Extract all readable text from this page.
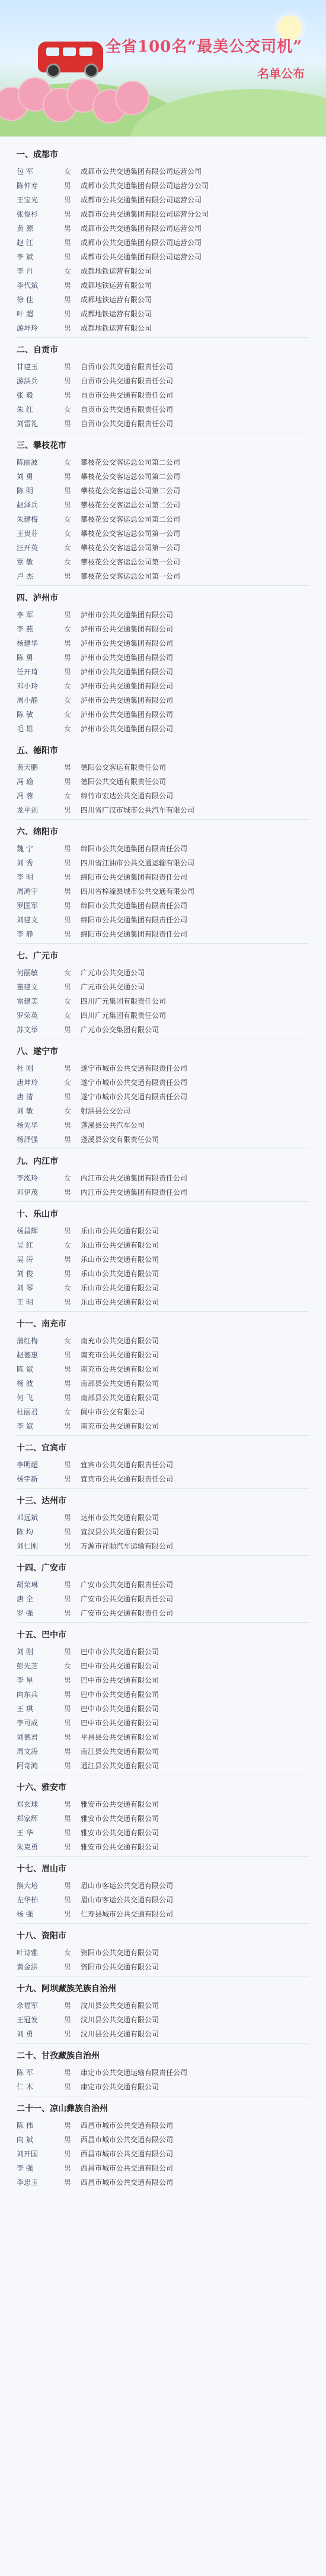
全省100名“最美公交司机”
名单公布
一、成都市
包 军	女	成都市公共交通集团有限公司运营公司
陈仲寿	男	成都市公共交通集团有限公司运营分公司
王宝光	男	成都市公共交通集团有限公司运营公司
张俊杉	男	成都市公共交通集团有限公司运营分公司
黄 源	男	成都市公共交通集团有限公司运营公司
赵 江	男	成都市公共交通集团有限公司运营公司
李 斌	男	成都市公共交通集团有限公司运营公司
李 丹	女	成都地铁运营有限公司
李代斌	男	成都地铁运营有限公司
徐 佳	男	成都地铁运营有限公司
叶 超	男	成都地铁运营有限公司
游坤玲	男	成都地铁运营有限公司
二、自贡市
甘建玉	男	自贡市公共交通有限责任公司
游洪兵	男	自贡市公共交通有限责任公司
张 毅	男	自贡市公共交通有限责任公司
朱 红	女	自贡市公共交通有限责任公司
刘雷礼	男	自贡市公共交通有限责任公司
三、攀枝花市
陈丽波	女	攀枝花公交客运总公司第二公司
刘 勇	男	攀枝花公交客运总公司第二公司
陈 明	男	攀枝花公交客运总公司第二公司
赵泽兵	男	攀枝花公交客运总公司第二公司
朱建梅	女	攀枝花公交客运总公司第二公司
王贵芬	女	攀枝花公交客运总公司第一公司
汪开英	女	攀枝花公交客运总公司第一公司
覃 敏	女	攀枝花公交客运总公司第一公司
卢 杰	男	攀枝花公交客运总公司第一公司
四、泸州市
李 军	男	泸州市公共交通集团有限公司
李 燕	女	泸州市公共交通集团有限公司
杨建华	男	泸州市公共交通集团有限公司
陈 勇	男	泸州市公共交通集团有限公司
任开琦	男	泸州市公共交通集团有限公司
邓小玲	女	泸州市公共交通集团有限公司
周小静	女	泸州市公共交通集团有限公司
陈 敏	女	泸州市公共交通集团有限公司
毛 雄	女	泸州市公共交通集团有限公司
五、德阳市
黄天鹏	男	德阳公交客运有限责任公司
冯 瑜	男	德阳公共交通有限责任公司
冯 蓉	女	绵竹市宏达公共交通有限公司
龙平剑	男	四川省广汉市城市公共汽车有限公司
六、绵阳市
魏 宁	男	绵阳市公共交通集团有限责任公司
刘 秀	男	四川省江油市公共交通运输有限公司
李 明	男	绵阳市公共交通集团有限责任公司
周鸿宇	男	四川省梓潼县城市公共交通有限公司
罗国军	男	绵阳市公共交通集团有限责任公司
刘建文	男	绵阳市公共交通集团有限责任公司
李 静	男	绵阳市公共交通集团有限责任公司
七、广元市
何丽敏	女	广元市公共交通公司
董建文	男	广元市公共交通公司
雷建美	女	四川广元集团有限责任公司
罗荣英	女	四川广元集团有限责任公司
苏文举	男	广元市公交集团有限公司
八、遂宁市
杜 刚	男	遂宁市城市公共交通有限责任公司
唐坤玲	女	遂宁市城市公共交通有限责任公司
唐 清	男	遂宁市城市公共交通有限责任公司
刘 敏	女	射洪县公交公司
杨先华	男	蓬溪县公共汽车公司
杨泽强	男	蓬溪县公交有限责任公司
九、内江市
李泓玲	女	内江市公共交通集团有限责任公司
邓伊茂	男	内江市公共交通集团有限责任公司
十、乐山市
杨昌辉	男	乐山市公共交通有限公司
吴 红	女	乐山市公共交通有限公司
吴 涛	男	乐山市公共交通有限公司
刘 俊	男	乐山市公共交通有限公司
刘 琴	女	乐山市公共交通有限公司
王 明	男	乐山市公共交通有限公司
十一、南充市
蒲红梅	女	南充市公共交通有限公司
赵德惠	男	南充市公共交通有限公司
陈 斌	男	南充市公共交通有限公司
杨 波	男	南部县公共交通有限公司
何 飞	男	南部县公共交通有限公司
杜丽君	女	阆中市公交有限公司
李 斌	男	南充市公共交通有限公司
十二、宜宾市
李明超	男	宜宾市公共交通有限责任公司
杨宇新	男	宜宾市公共交通有限责任公司
十三、达州市
邓远斌	男	达州市公共交通有限公司
陈 均	男	宣汉县公共交通有限公司
刘仁刚	男	万源市祥顺汽车运输有限公司
十四、广安市
胡荣琳	男	广安市公共交通有限责任公司
唐 全	男	广安市公共交通有限责任公司
罗 强	男	广安市公共交通有限责任公司
十五、巴中市
刘 刚	男	巴中市公共交通有限公司
彭先芝	女	巴中市公共交通有限公司
李 星	男	巴中市公共交通有限公司
向东兵	男	巴中市公共交通有限公司
王 琪	男	巴中市公共交通有限公司
李可成	男	巴中市公共交通有限公司
刘德君	男	平昌县公共交通有限公司
周文涛	男	南江县公共交通有限公司
阿奇鸿	男	通江县公共交通有限公司
十六、雅安市
郑玄球	男	雅安市公共交通有限公司
郑家辉	男	雅安市公共交通有限公司
王 华	男	雅安市公共交通有限公司
朱克勇	男	雅安市公共交通有限公司
十七、眉山市
熊大培	男	眉山市客运公共交通有限公司
左华柏	男	眉山市客运公共交通有限公司
杨 强	男	仁寿县城市公共交通有限公司
十八、资阳市
叶诗雅	女	资阳市公共交通有限公司
黄金洪	男	资阳市公共交通有限公司
十九、阿坝藏族羌族自治州
余福军	男	汶川县公共交通有限公司
王冠发	男	汶川县公共交通有限公司
刘 勇	男	汶川县公共交通有限公司
二十、甘孜藏族自治州
陈 军	男	康定市公共交通运输有限责任公司
仁 木	男	康定市公共交通有限公司
二十一、凉山彝族自治州
陈 伟	男	西昌市城市公共交通有限公司
向 斌	男	西昌市城市公共交通有限公司
刘开国	男	西昌市城市公共交通有限公司
李 强	男	西昌市城市公共交通有限公司
李忠玉	男	西昌市城市公共交通有限公司
